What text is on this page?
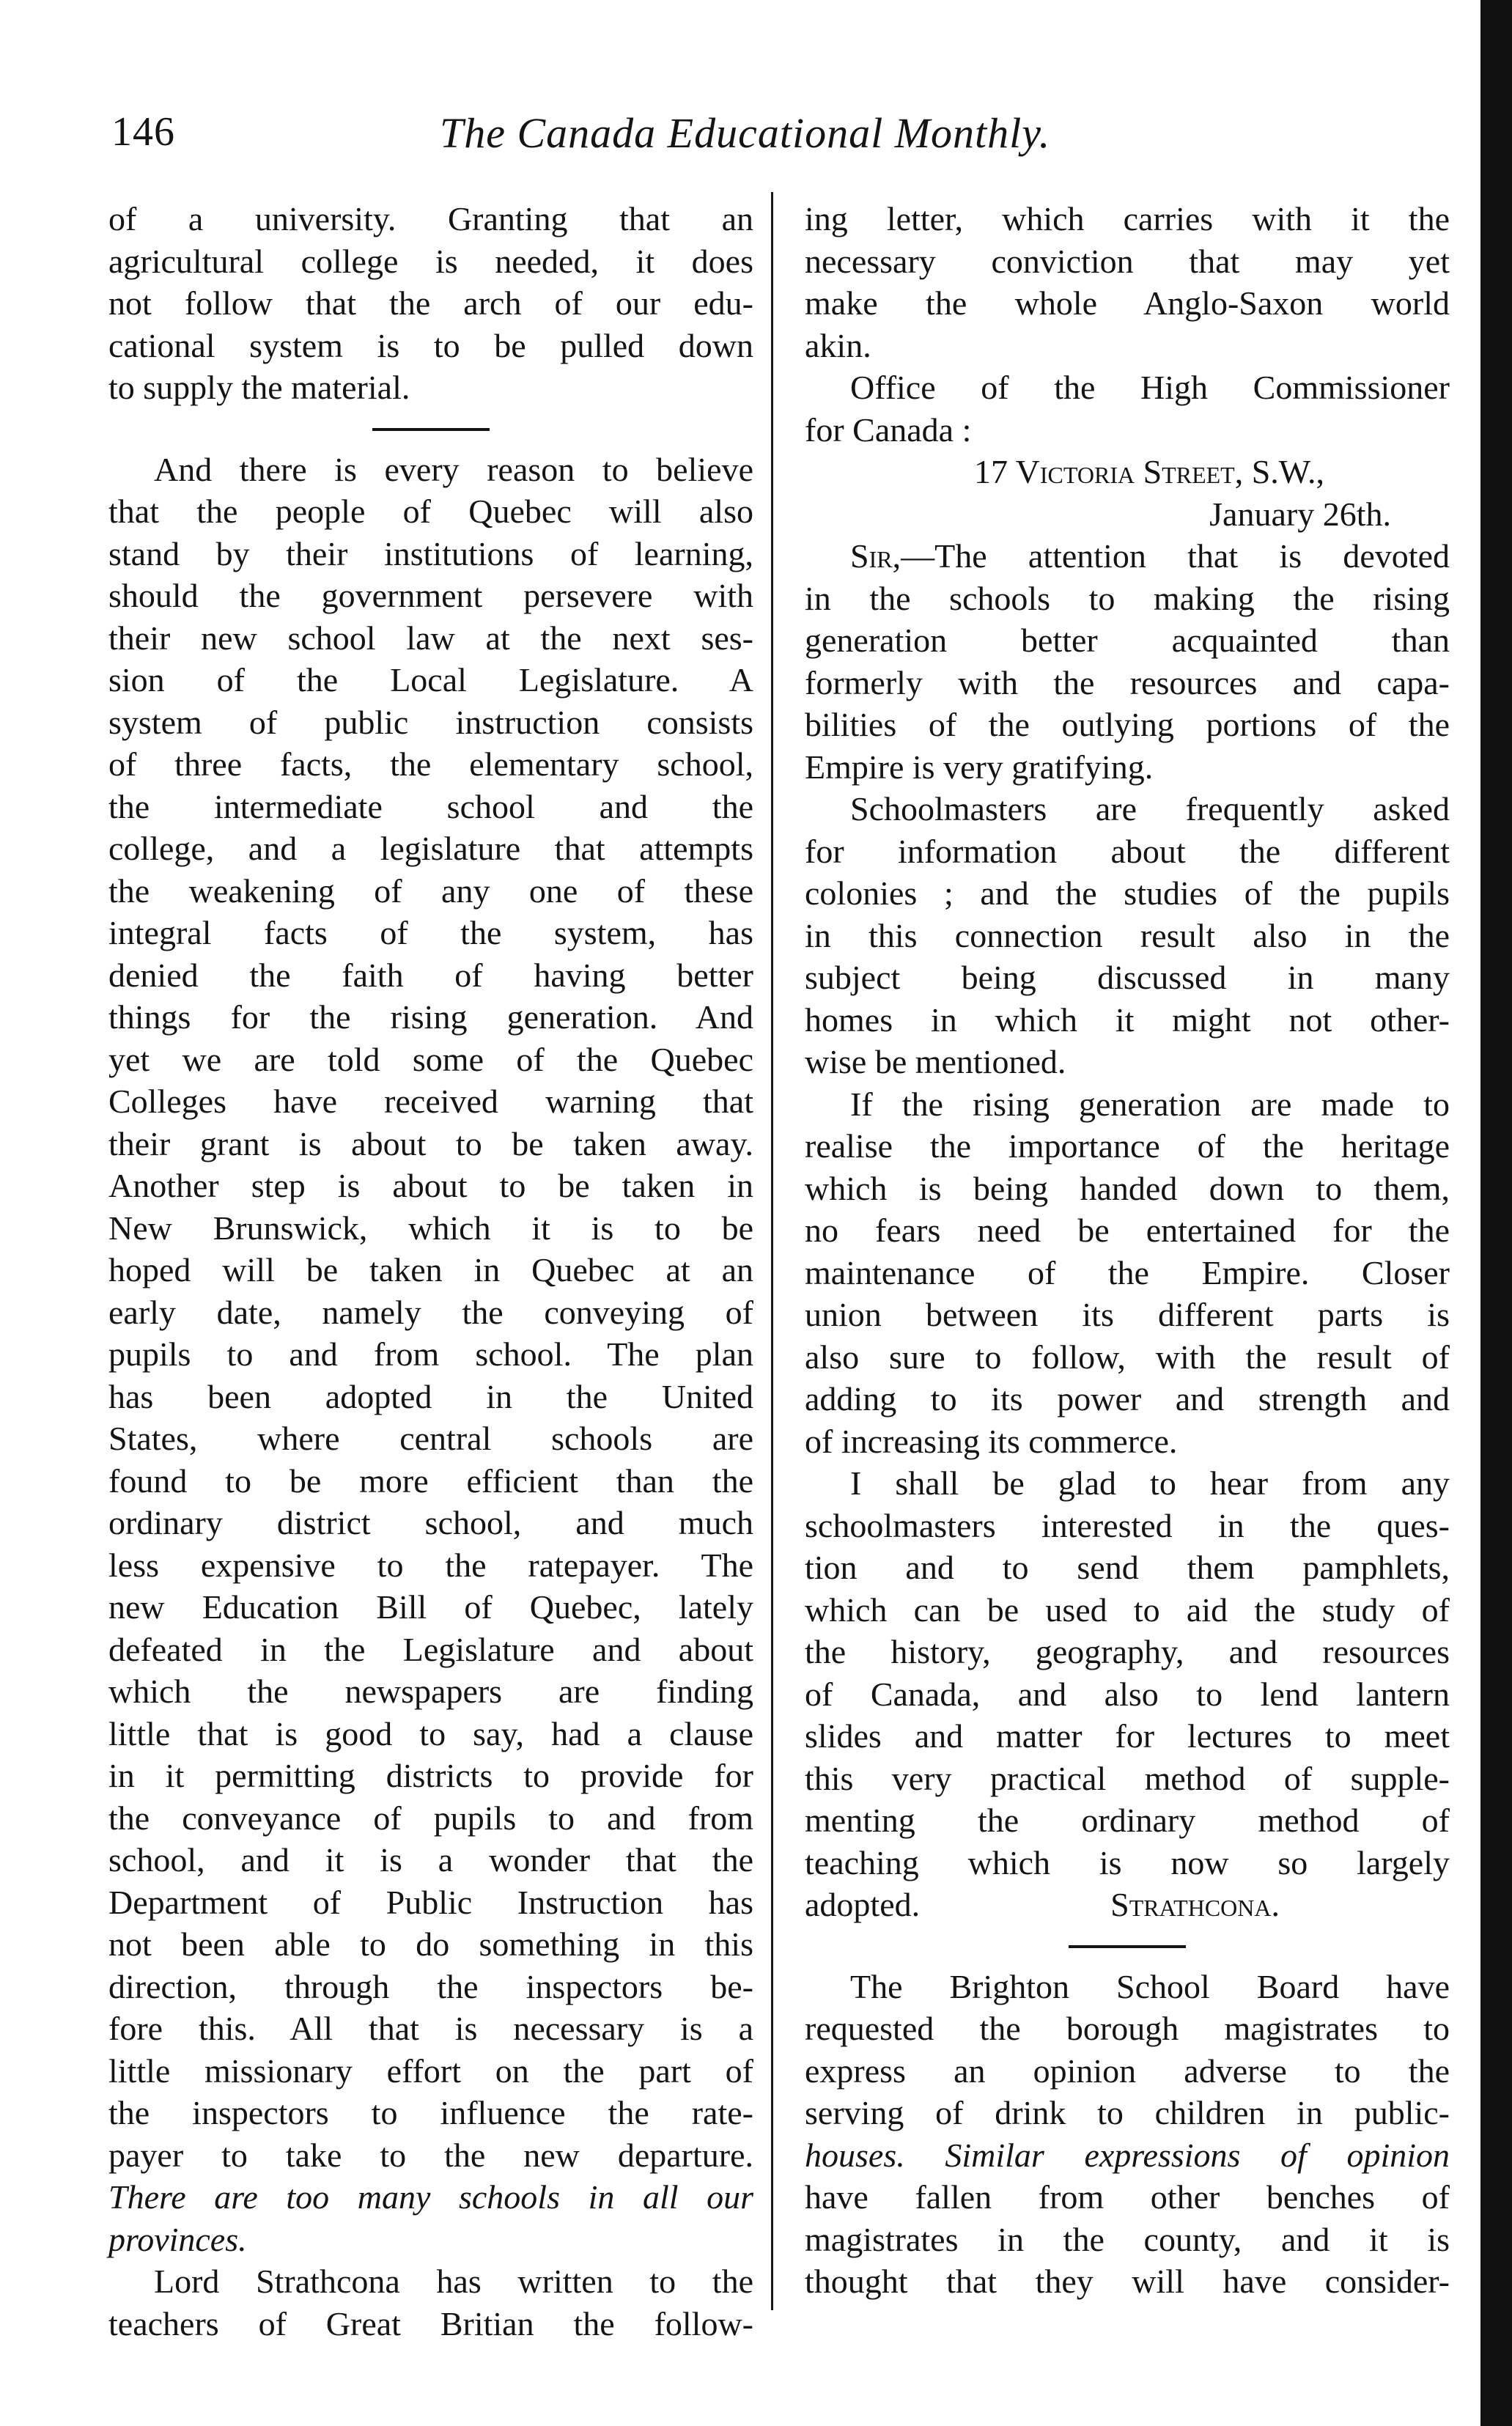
146	The Canada Educational Monthly.

of a university. Granting that an

agricultural college is needed, it does

not follow that the arch of our edu-

cational system is to be pulled down

to supply the material.

And there is every reason to believe

that the people of Quebec will also

stand by their institutions of learning,

should the government persevere with

their new school law at the next ses-

sion of the Local Legislature. A

system of public instruction consists

of three facts, the elementary school,

the intermediate school and the

college, and a legislature that attempts

the weakening of any one of these

integral facts of the system, has

denied the faith of having better

things for the rising generation. And

yet we are told some of the Quebec

Colleges have received warning that

their grant is about to be taken away.

Another step is about to be taken in

New Brunswick, which it is to be

hoped will be taken in Quebec at an

early date, namely the conveying of

pupils to and from school. The plan

has been adopted in the United

States, where central schools are

found to be more efficient than the

ordinary district school, and much

less expensive to the ratepayer. The

new Education Bill of Quebec, lately

defeated in the Legislature and about

which the newspapers are finding

little that is good to say, had a clause

in it permitting districts to provide for

the conveyance of pupils to and from

school, and it is a wonder that the

Department of Public Instruction has

not been able to do something in this

direction, through the inspectors be-

fore this. All that is necessary is a

little missionary effort on the part of

the inspectors to influence the rate-

payer to take to the new departure.

There are too many schools in all our

provinces.

Lord Strathcona has written to the

teachers of Great Britian the follow-

ing letter, which carries with it the

necessary conviction that may yet

make the whole Anglo-Saxon world

akin.

Office of the High Commissioner

for Canada :

17 Victoria Street, S.W.,

January 26th.

Sir,—The attention that is devoted

in the schools to making the rising

generation better acquainted than

formerly with the resources and capa-

bilities of the outlying portions of the

Empire is very gratifying.

Schoolmasters are frequently asked

for information about the different

colonies ; and the studies of the pupils

in this connection result also in the

subject being discussed in many

homes in which it might not other-

wise be mentioned.

If the rising generation are made to

realise the importance of the heritage

which is being handed down to them,

no fears need be entertained for the

maintenance of the Empire. Closer

union between its different parts is

also sure to follow, with the result of

adding to its power and strength and

of increasing its commerce.

I shall be glad to hear from any

schoolmasters interested in the ques-

tion and to send them pamphlets,

which can be used to aid the study of

the history, geography, and resources

of Canada, and also to lend lantern

slides and matter for lectures to meet

this very practical method of supple-

menting the ordinary method of

teaching which is now so largely

adopted.	Strathcona.

The Brighton School Board have

requested the borough magistrates to

express an opinion adverse to the

serving of drink to children in public-

houses. Similar expressions of opinion

have fallen from other benches of

magistrates in the county, and it is

thought that they will have consider-
